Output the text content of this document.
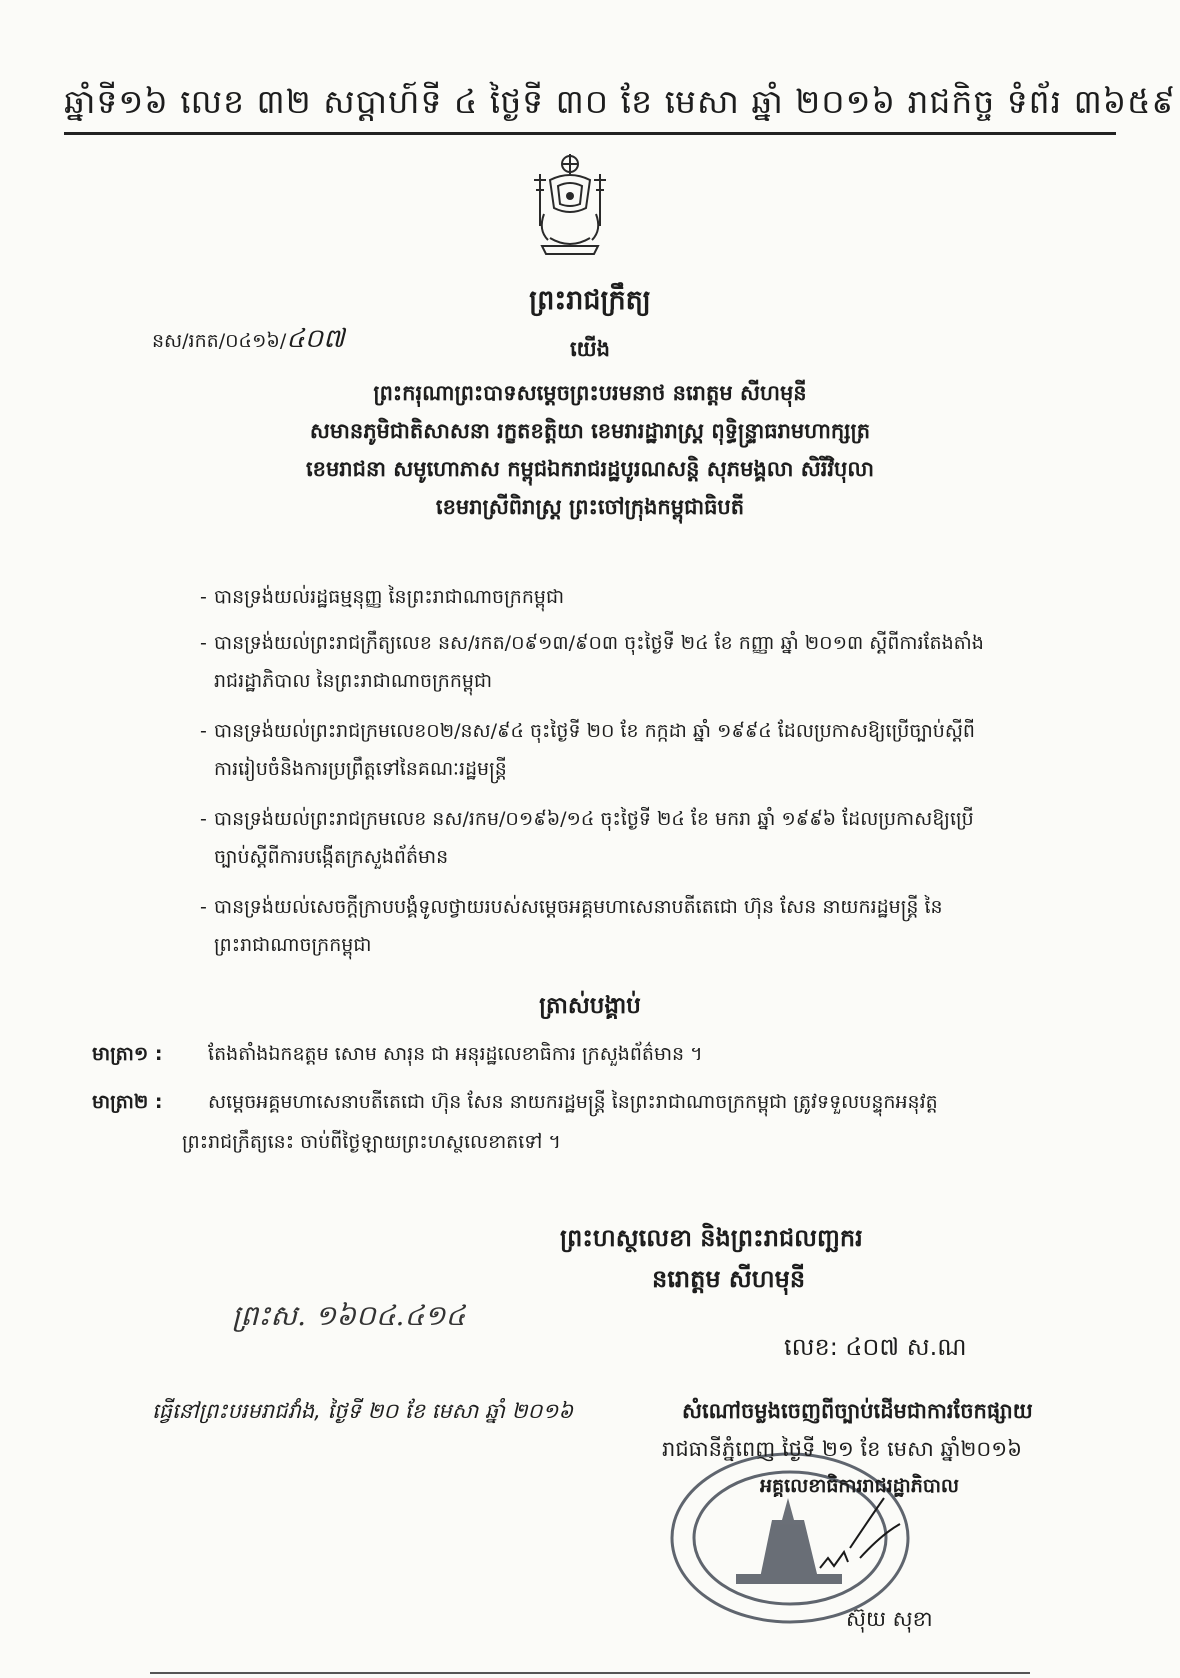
ឆ្នាំទី១៦ លេខ ៣២ សប្តាហ៍ទី ៤ ថ្ងៃទី ៣០ ខែ មេសា ឆ្នាំ ២០១៦ រាជកិច្ច ទំព័រ ៣៦៥៩
ព្រះរាជក្រឹត្យ
នស/រកត/០៤១៦/៤០៧	យើង
ព្រះករុណាព្រះបាទសម្តេចព្រះបរមនាថ នរោត្តម សីហមុនី
សមានភូមិជាតិសាសនា រក្ខតខត្តិយា ខេមរារដ្ឋារាស្ត្រ ពុទ្ធិន្ទ្រាធរាមហាក្សត្រ
ខេមរាជនា សមូហោភាស កម្ពុជឯករាជរដ្ឋបូរណសន្តិ សុភមង្គលា សិរីវិបុលា
ខេមរាស្រីពិរាស្ត្រ ព្រះចៅក្រុងកម្ពុជាធិបតី
- បានទ្រង់យល់រដ្ឋធម្មនុញ្ញ នៃព្រះរាជាណាចក្រកម្ពុជា
- បានទ្រង់យល់ព្រះរាជក្រឹត្យលេខ នស/រកត/០៩១៣/៩០៣ ចុះថ្ងៃទី ២៤ ខែ កញ្ញា ឆ្នាំ ២០១៣ ស្តីពីការតែងតាំង
រាជរដ្ឋាភិបាល នៃព្រះរាជាណាចក្រកម្ពុជា
- បានទ្រង់យល់ព្រះរាជក្រមលេខ០២/នស/៩៤ ចុះថ្ងៃទី ២០ ខែ កក្កដា ឆ្នាំ ១៩៩៤ ដែលប្រកាសឱ្យប្រើច្បាប់ស្តីពី
ការរៀបចំនិងការប្រព្រឹត្តទៅនៃគណៈរដ្ឋមន្ត្រី
- បានទ្រង់យល់ព្រះរាជក្រមលេខ នស/រកម/០១៩៦/១៤ ចុះថ្ងៃទី ២៤ ខែ មករា ឆ្នាំ ១៩៩៦ ដែលប្រកាសឱ្យប្រើ
ច្បាប់ស្តីពីការបង្កើតក្រសួងព័ត៌មាន
- បានទ្រង់យល់សេចក្តីក្រាបបង្គំទូលថ្វាយរបស់សម្តេចអគ្គមហាសេនាបតីតេជោ ហ៊ុន សែន នាយករដ្ឋមន្ត្រី នៃ
ព្រះរាជាណាចក្រកម្ពុជា
ត្រាស់បង្គាប់
មាត្រា១ : តែងតាំងឯកឧត្តម សោម សារុន ជា អនុរដ្ឋលេខាធិការ ក្រសួងព័ត៌មាន ។
មាត្រា២ : សម្តេចអគ្គមហាសេនាបតីតេជោ ហ៊ុន សែន នាយករដ្ឋមន្ត្រី នៃព្រះរាជាណាចក្រកម្ពុជា ត្រូវទទួលបន្ទុកអនុវត្ត
ព្រះរាជក្រឹត្យនេះ ចាប់ពីថ្ងៃឡាយព្រះហស្ថលេខាតទៅ ។
ព្រះហស្ថលេខា និងព្រះរាជលញ្ឆករ
នរោត្តម សីហមុនី
ព្រះស. ១៦០៤.៤១៤
លេខ: ៤០៧ ស.ណ
ធ្វើនៅព្រះបរមរាជវាំង, ថ្ងៃទី ២០ ខែ មេសា ឆ្នាំ ២០១៦	សំណៅចម្លងចេញពីច្បាប់ដើមជាការចែកផ្សាយ
រាជធានីភ្នំពេញ ថ្ងៃទី ២១ ខែ មេសា ឆ្នាំ២០១៦
អគ្គលេខាធិការរាជរដ្ឋាភិបាល
ស៊ុយ សុខា
